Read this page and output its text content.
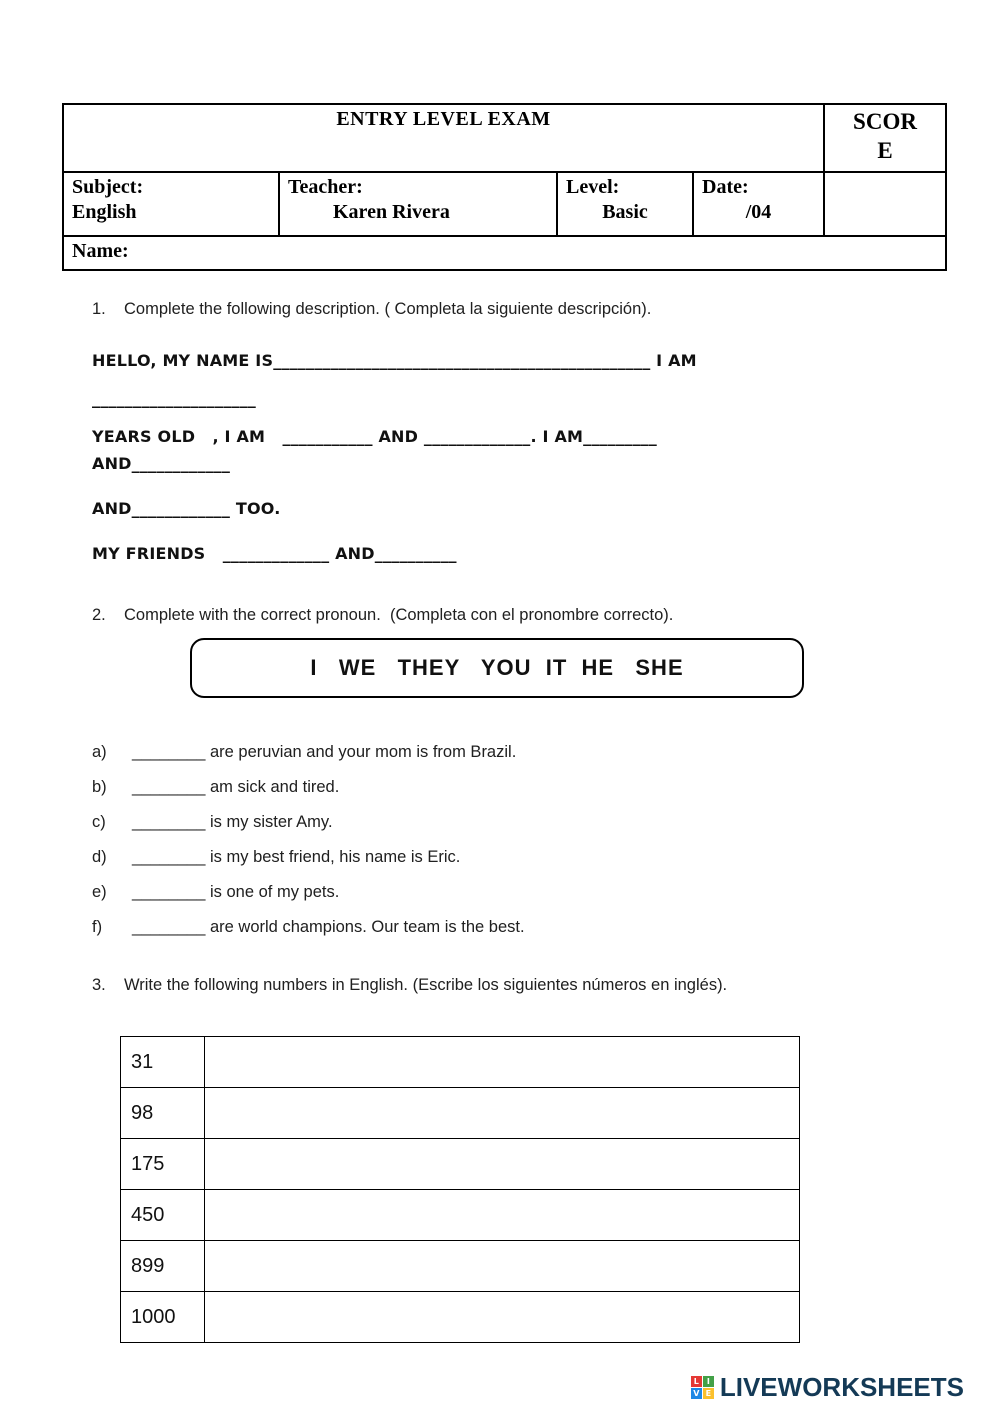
ENTRY LEVEL EXAM				SCORE

Subject:
English

Teacher:
Karen Rivera

Level:
Basic

Date:
/04

Name:				
1. Complete the following description. ( Completa la siguiente descripción).
HELLO, MY NAME IS______________________________________________ I AM
____________________
YEARS OLD   , I AM   ___________ AND _____________. I AM_________
AND____________
AND____________ TOO.
MY FRIENDS   _____________ AND__________
2. Complete with the correct pronoun.  (Completa con el pronombre correcto).
I   WE   THEY   YOU  IT  HE   SHE
a) ________ are peruvian and your mom is from Brazil.
b) ________ am sick and tired.
c) ________ is my sister Amy.
d) ________ is my best friend, his name is Eric.
e) ________ is one of my pets.
f)	________ are world champions. Our team is the best.
3. Write the following numbers in English. (Escribe los siguientes números en inglés).
31	
98	
175	
450	
899	
1000	
L I
V E LIVEWORKSHEETS
